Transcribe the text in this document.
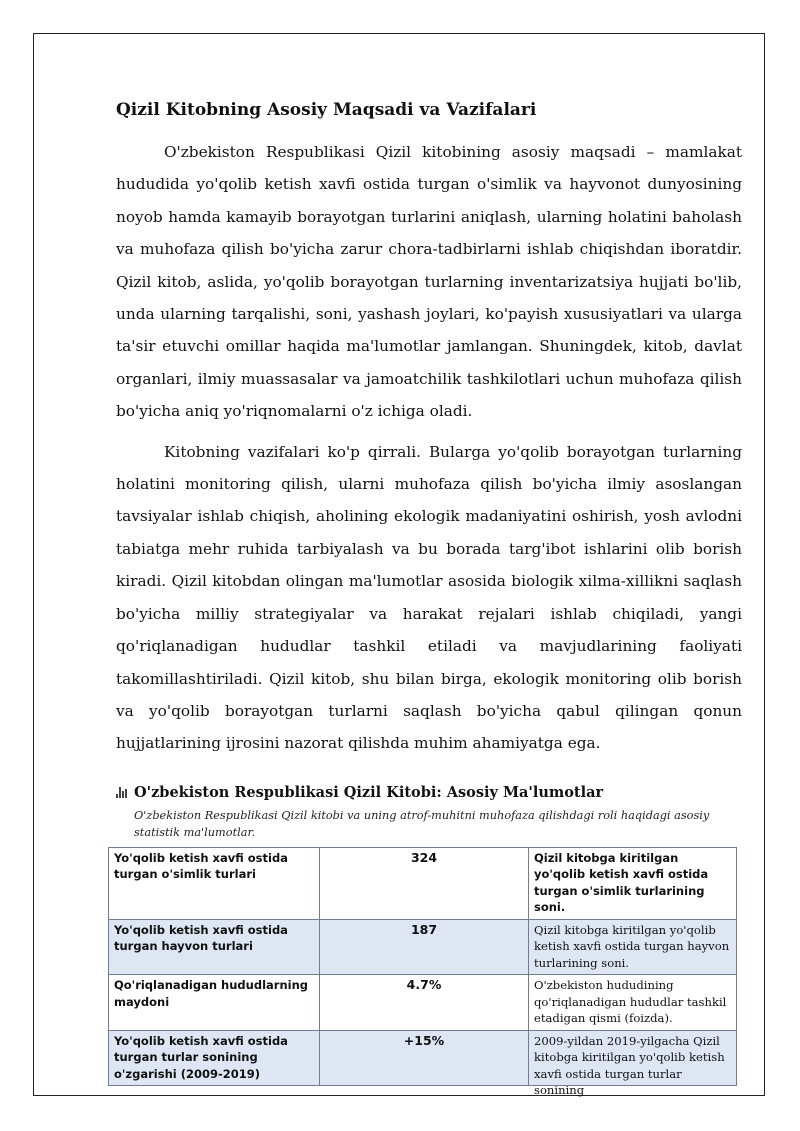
Qizil Kitobning Asosiy Maqsadi va Vazifalari

O'zbekiston Respublikasi Qizil kitobining asosiy maqsadi – mamlakat hududida yo'qolib ketish xavfi ostida turgan o'simlik va hayvonot dunyosining noyob hamda kamayib borayotgan turlarini aniqlash, ularning holatini baholash va muhofaza qilish bo'yicha zarur chora-tadbirlarni ishlab chiqishdan iboratdir. Qizil kitob, aslida, yo'qolib borayotgan turlarning inventarizatsiya hujjati bo'lib, unda ularning tarqalishi, soni, yashash joylari, ko'payish xususiyatlari va ularga ta'sir etuvchi omillar haqida ma'lumotlar jamlangan. Shuningdek, kitob, davlat organlari, ilmiy muassasalar va jamoatchilik tashkilotlari uchun muhofaza qilish bo'yicha aniq yo'riqnomalarni o'z ichiga oladi.

Kitobning vazifalari ko'p qirrali. Bularga yo'qolib borayotgan turlarning holatini monitoring qilish, ularni muhofaza qilish bo'yicha ilmiy asoslangan tavsiyalar ishlab chiqish, aholining ekologik madaniyatini oshirish, yosh avlodni tabiatga mehr ruhida tarbiyalash va bu borada targ'ibot ishlarini olib borish kiradi. Qizil kitobdan olingan ma'lumotlar asosida biologik xilma-xillikni saqlash bo'yicha milliy strategiyalar va harakat rejalari ishlab chiqiladi, yangi qo'riqlanadigan hududlar tashkil etiladi va mavjudlarining faoliyati takomillashtiriladi. Qizil kitob, shu bilan birga, ekologik monitoring olib borish va yo'qolib borayotgan turlarni saqlash bo'yicha qabul qilingan qonun hujjatlarining ijrosini nazorat qilishda muhim ahamiyatga ega.

O'zbekiston Respublikasi Qizil Kitobi: Asosiy Ma'lumotlar
O'zbekiston Respublikasi Qizil kitobi va uning atrof-muhitni muhofaza qilishdagi roli haqidagi asosiy statistik ma'lumotlar.
Yo'qolib ketish xavfi ostida turgan o'simlik turlari	324	Qizil kitobga kiritilgan yo'qolib ketish xavfi ostida turgan o'simlik turlarining soni.
Yo'qolib ketish xavfi ostida turgan hayvon turlari	187	Qizil kitobga kiritilgan yo'qolib ketish xavfi ostida turgan hayvon turlarining soni.
Qo'riqlanadigan hududlarning maydoni	4.7%	O'zbekiston hududining qo'riqlanadigan hududlar tashkil etadigan qismi (foizda).
Yo'qolib ketish xavfi ostida turgan turlar sonining o'zgarishi (2009-2019)	+15%	2009-yildan 2019-yilgacha Qizil kitobga kiritilgan yo'qolib ketish xavfi ostida turgan turlar sonining
